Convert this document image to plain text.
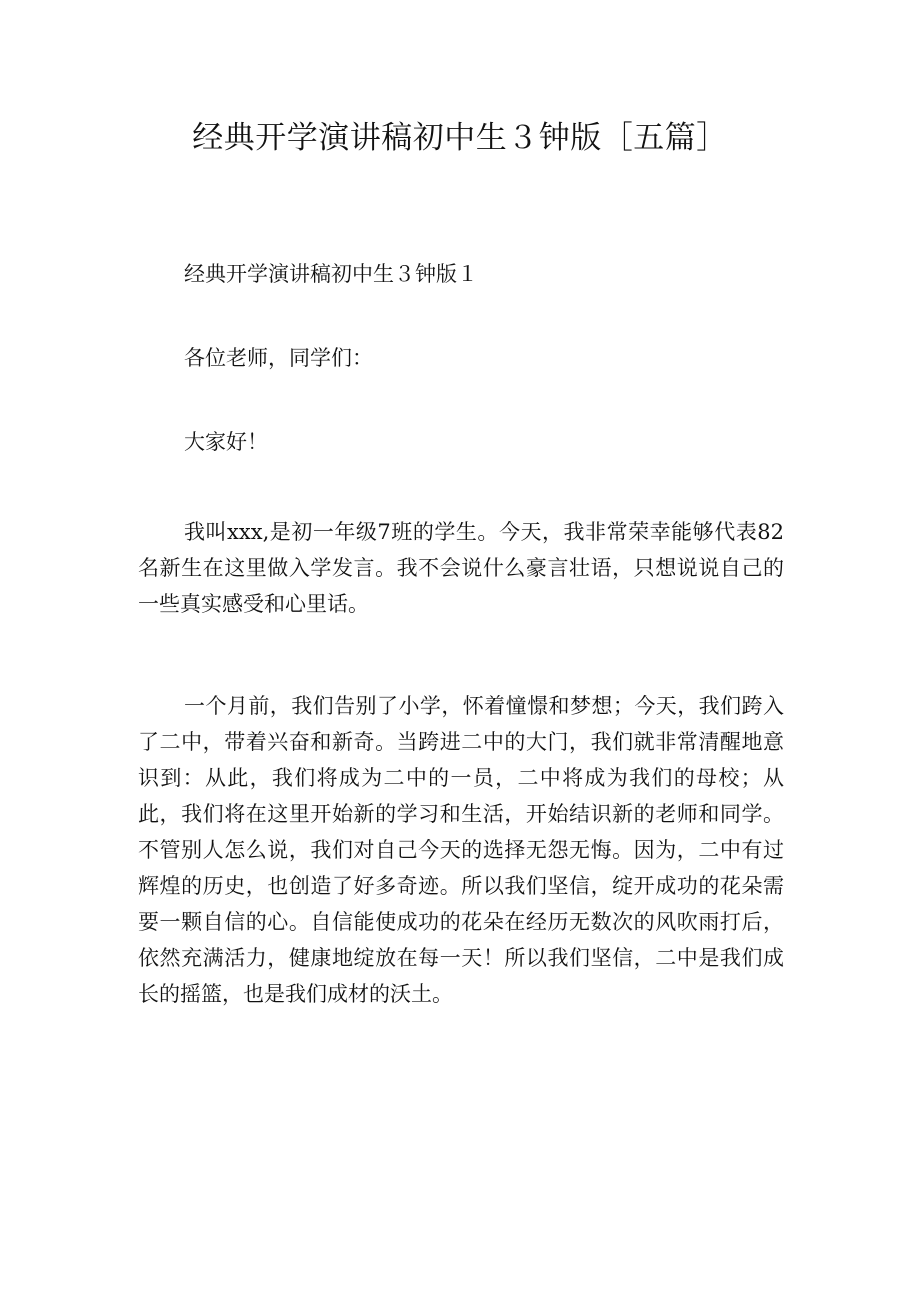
经典开学演讲稿初中生３钟版［五篇］

经典开学演讲稿初中生３钟版１

各位老师，同学们：

大家好！

我叫xxx,是初一年级7班的学生。今天，我非常荣幸能够代表82名新生在这里做入学发言。我不会说什么豪言壮语，只想说说自己的一些真实感受和心里话。

一个月前，我们告别了小学，怀着憧憬和梦想；今天，我们跨入了二中，带着兴奋和新奇。当跨进二中的大门，我们就非常清醒地意识到：从此，我们将成为二中的一员，二中将成为我们的母校；从此，我们将在这里开始新的学习和生活，开始结识新的老师和同学。不管别人怎么说，我们对自己今天的选择无怨无悔。因为，二中有过辉煌的历史，也创造了好多奇迹。所以我们坚信，绽开成功的花朵需要一颗自信的心。自信能使成功的花朵在经历无数次的风吹雨打后，依然充满活力，健康地绽放在每一天！所以我们坚信，二中是我们成长的摇篮，也是我们成材的沃土。
